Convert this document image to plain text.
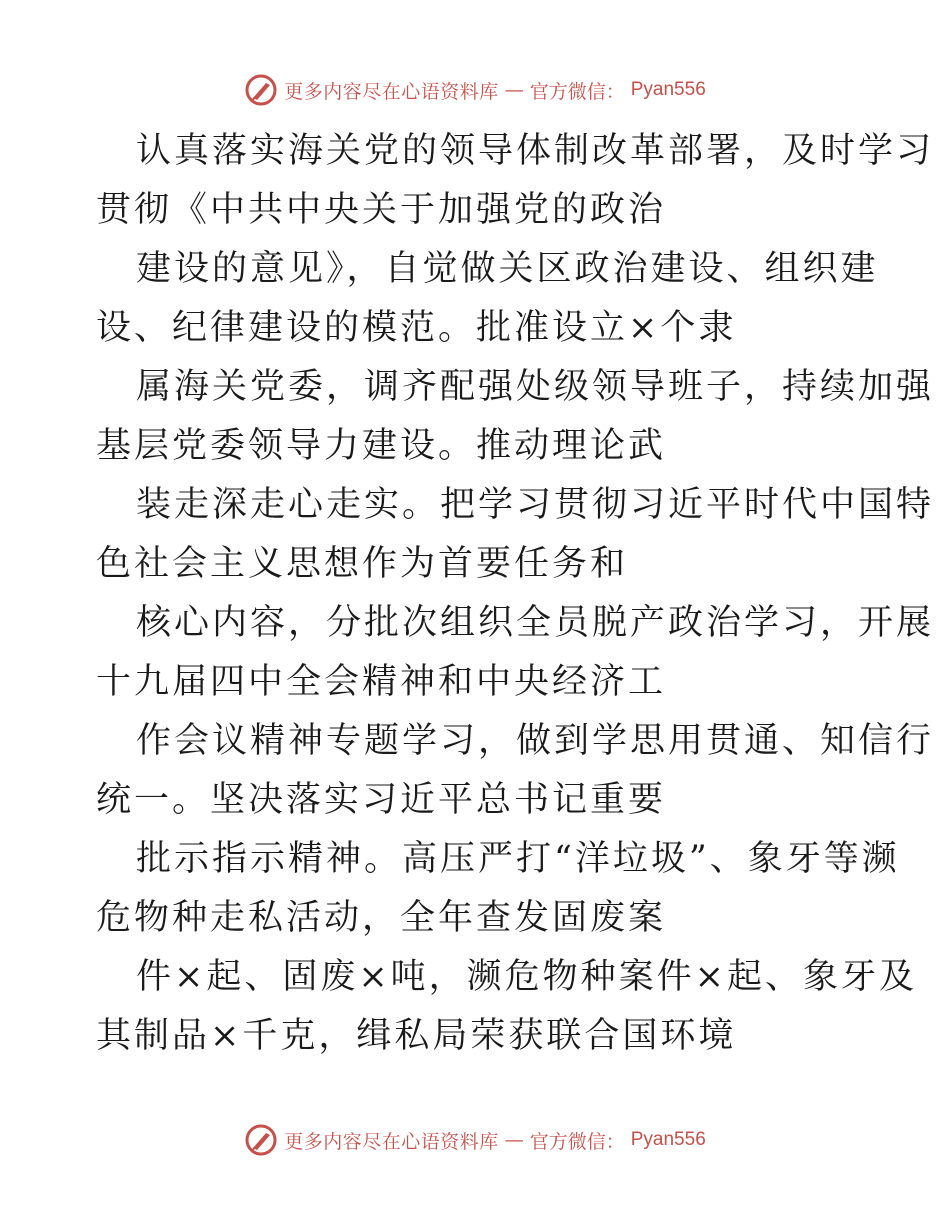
更多内容尽在心语资料库 — 官方微信： Pyan556
认真落实海关党的领导体制改革部署，及时学习
贯彻《中共中央关于加强党的政治
建设的意见》，自觉做关区政治建设、组织建
设、纪律建设的模范。批准设立×个隶
属海关党委，调齐配强处级领导班子，持续加强
基层党委领导力建设。推动理论武
装走深走心走实。把学习贯彻习近平时代中国特
色社会主义思想作为首要任务和
核心内容，分批次组织全员脱产政治学习，开展
十九届四中全会精神和中央经济工
作会议精神专题学习，做到学思用贯通、知信行
统一。坚决落实习近平总书记重要
批示指示精神。高压严打“洋垃圾”、象牙等濒
危物种走私活动，全年查发固废案
件×起、固废×吨，濒危物种案件×起、象牙及
其制品×千克，缉私局荣获联合国环境
更多内容尽在心语资料库 — 官方微信： Pyan556
